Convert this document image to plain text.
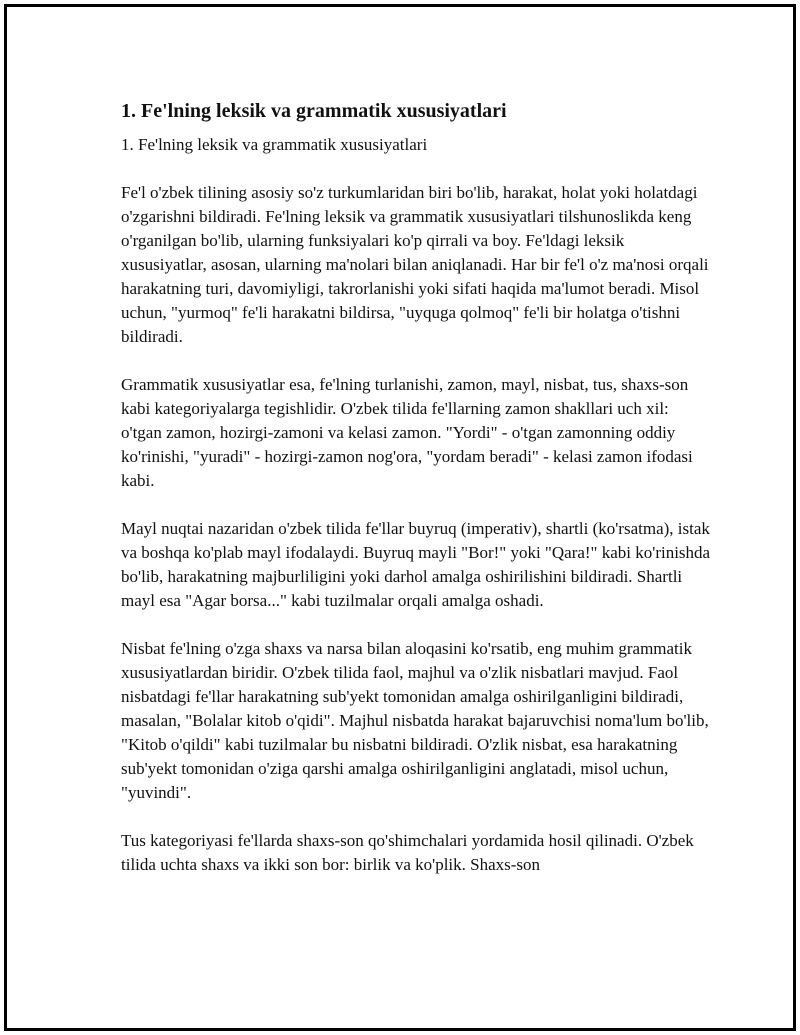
1. Fe'lning leksik va grammatik xususiyatlari
1. Fe'lning leksik va grammatik xususiyatlari

Fe'l o'zbek tilining asosiy so'z turkumlaridan biri bo'lib, harakat, holat yoki holatdagi o'zgarishni bildiradi. Fe'lning leksik va grammatik xususiyatlari tilshunoslikda keng o'rganilgan bo'lib, ularning funksiyalari ko'p qirrali va boy. Fe'ldagi leksik xususiyatlar, asosan, ularning ma'nolari bilan aniqlanadi. Har bir fe'l o'z ma'nosi orqali harakatning turi, davomiyligi, takrorlanishi yoki sifati haqida ma'lumot beradi. Misol uchun, "yurmoq" fe'li harakatni bildirsa, "uyquga qolmoq" fe'li bir holatga o'tishni bildiradi.

Grammatik xususiyatlar esa, fe'lning turlanishi, zamon, mayl, nisbat, tus, shaxs-son kabi kategoriyalarga tegishlidir. O'zbek tilida fe'llarning zamon shakllari uch xil: o'tgan zamon, hozirgi-zamoni va kelasi zamon. "Yordi" - o'tgan zamonning oddiy ko'rinishi, "yuradi" - hozirgi-zamon nog'ora, "yordam beradi" - kelasi zamon ifodasi kabi.

Mayl nuqtai nazaridan o'zbek tilida fe'llar buyruq (imperativ), shartli (ko'rsatma), istak va boshqa ko'plab mayl ifodalaydi. Buyruq mayli "Bor!" yoki "Qara!" kabi ko'rinishda bo'lib, harakatning majburliligini yoki darhol amalga oshirilishini bildiradi. Shartli mayl esa "Agar borsa..." kabi tuzilmalar orqali amalga oshadi.

Nisbat fe'lning o'zga shaxs va narsa bilan aloqasini ko'rsatib, eng muhim grammatik xususiyatlardan biridir. O'zbek tilida faol, majhul va o'zlik nisbatlari mavjud. Faol nisbatdagi fe'llar harakatning sub'yekt tomonidan amalga oshirilganligini bildiradi, masalan, "Bolalar kitob o'qidi". Majhul nisbatda harakat bajaruvchisi noma'lum bo'lib, "Kitob o'qildi" kabi tuzilmalar bu nisbatni bildiradi. O'zlik nisbat, esa harakatning sub'yekt tomonidan o'ziga qarshi amalga oshirilganligini anglatadi, misol uchun, "yuvindi".

Tus kategoriyasi fe'llarda shaxs-son qo'shimchalari yordamida hosil qilinadi. O'zbek tilida uchta shaxs va ikki son bor: birlik va ko'plik. Shaxs-son
